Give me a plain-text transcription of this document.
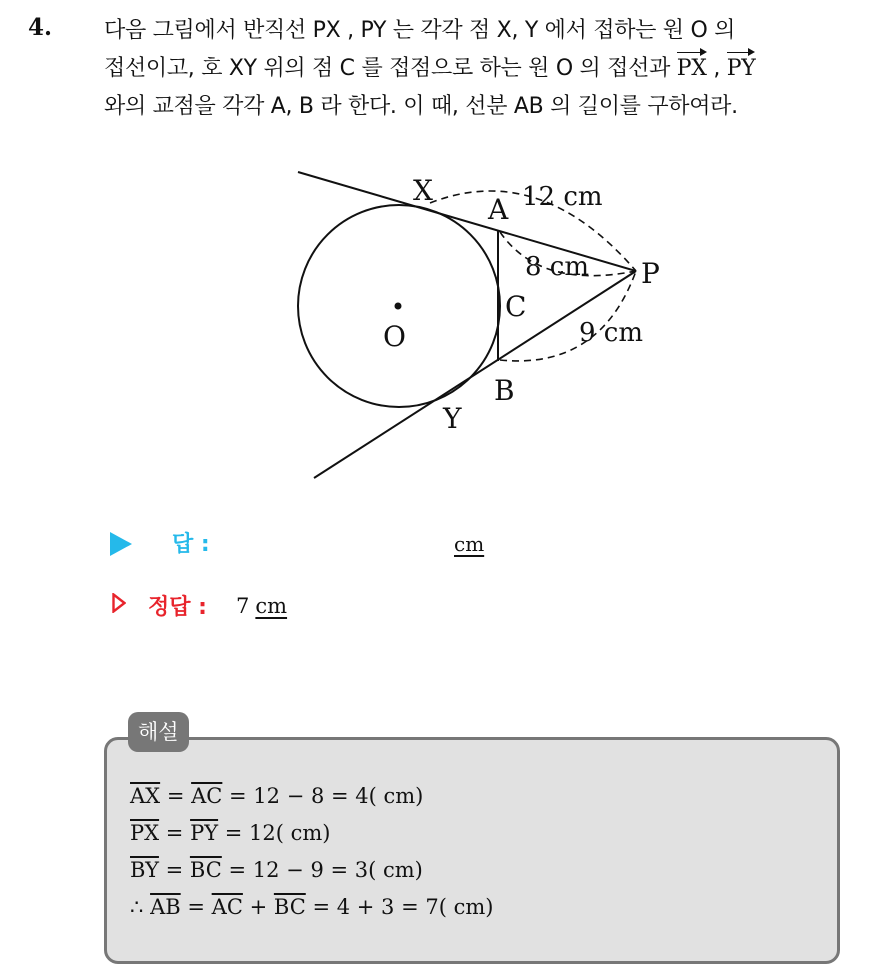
4. 다음 그림에서 반직선 PX , PY 는 각각 점 X, Y 에서 접하는 원 O 의
접선이고, 호 XY 위의 점 C 를 접점으로 하는 원 O 의 접선과 PX , PY
와의 교점을 각각 A, B 라 한다. 이 때, 선분 AB 의 길이를 구하여라.
X
A
P
C
O
B
Y
12 cm
8 cm
9 cm
답 :	cm
정답 : 7 cm
해설
$\overline{AX} = \overline{AC} = 12 - 8 = 4$( cm)
$\overline{PX} = \overline{PY} = 12$( cm)
$\overline{BY} = \overline{BC} = 12 - 9 = 3$( cm)
∴ $\overline{AB} = \overline{AC} + \overline{BC} = 4 + 3 = 7$( cm)
